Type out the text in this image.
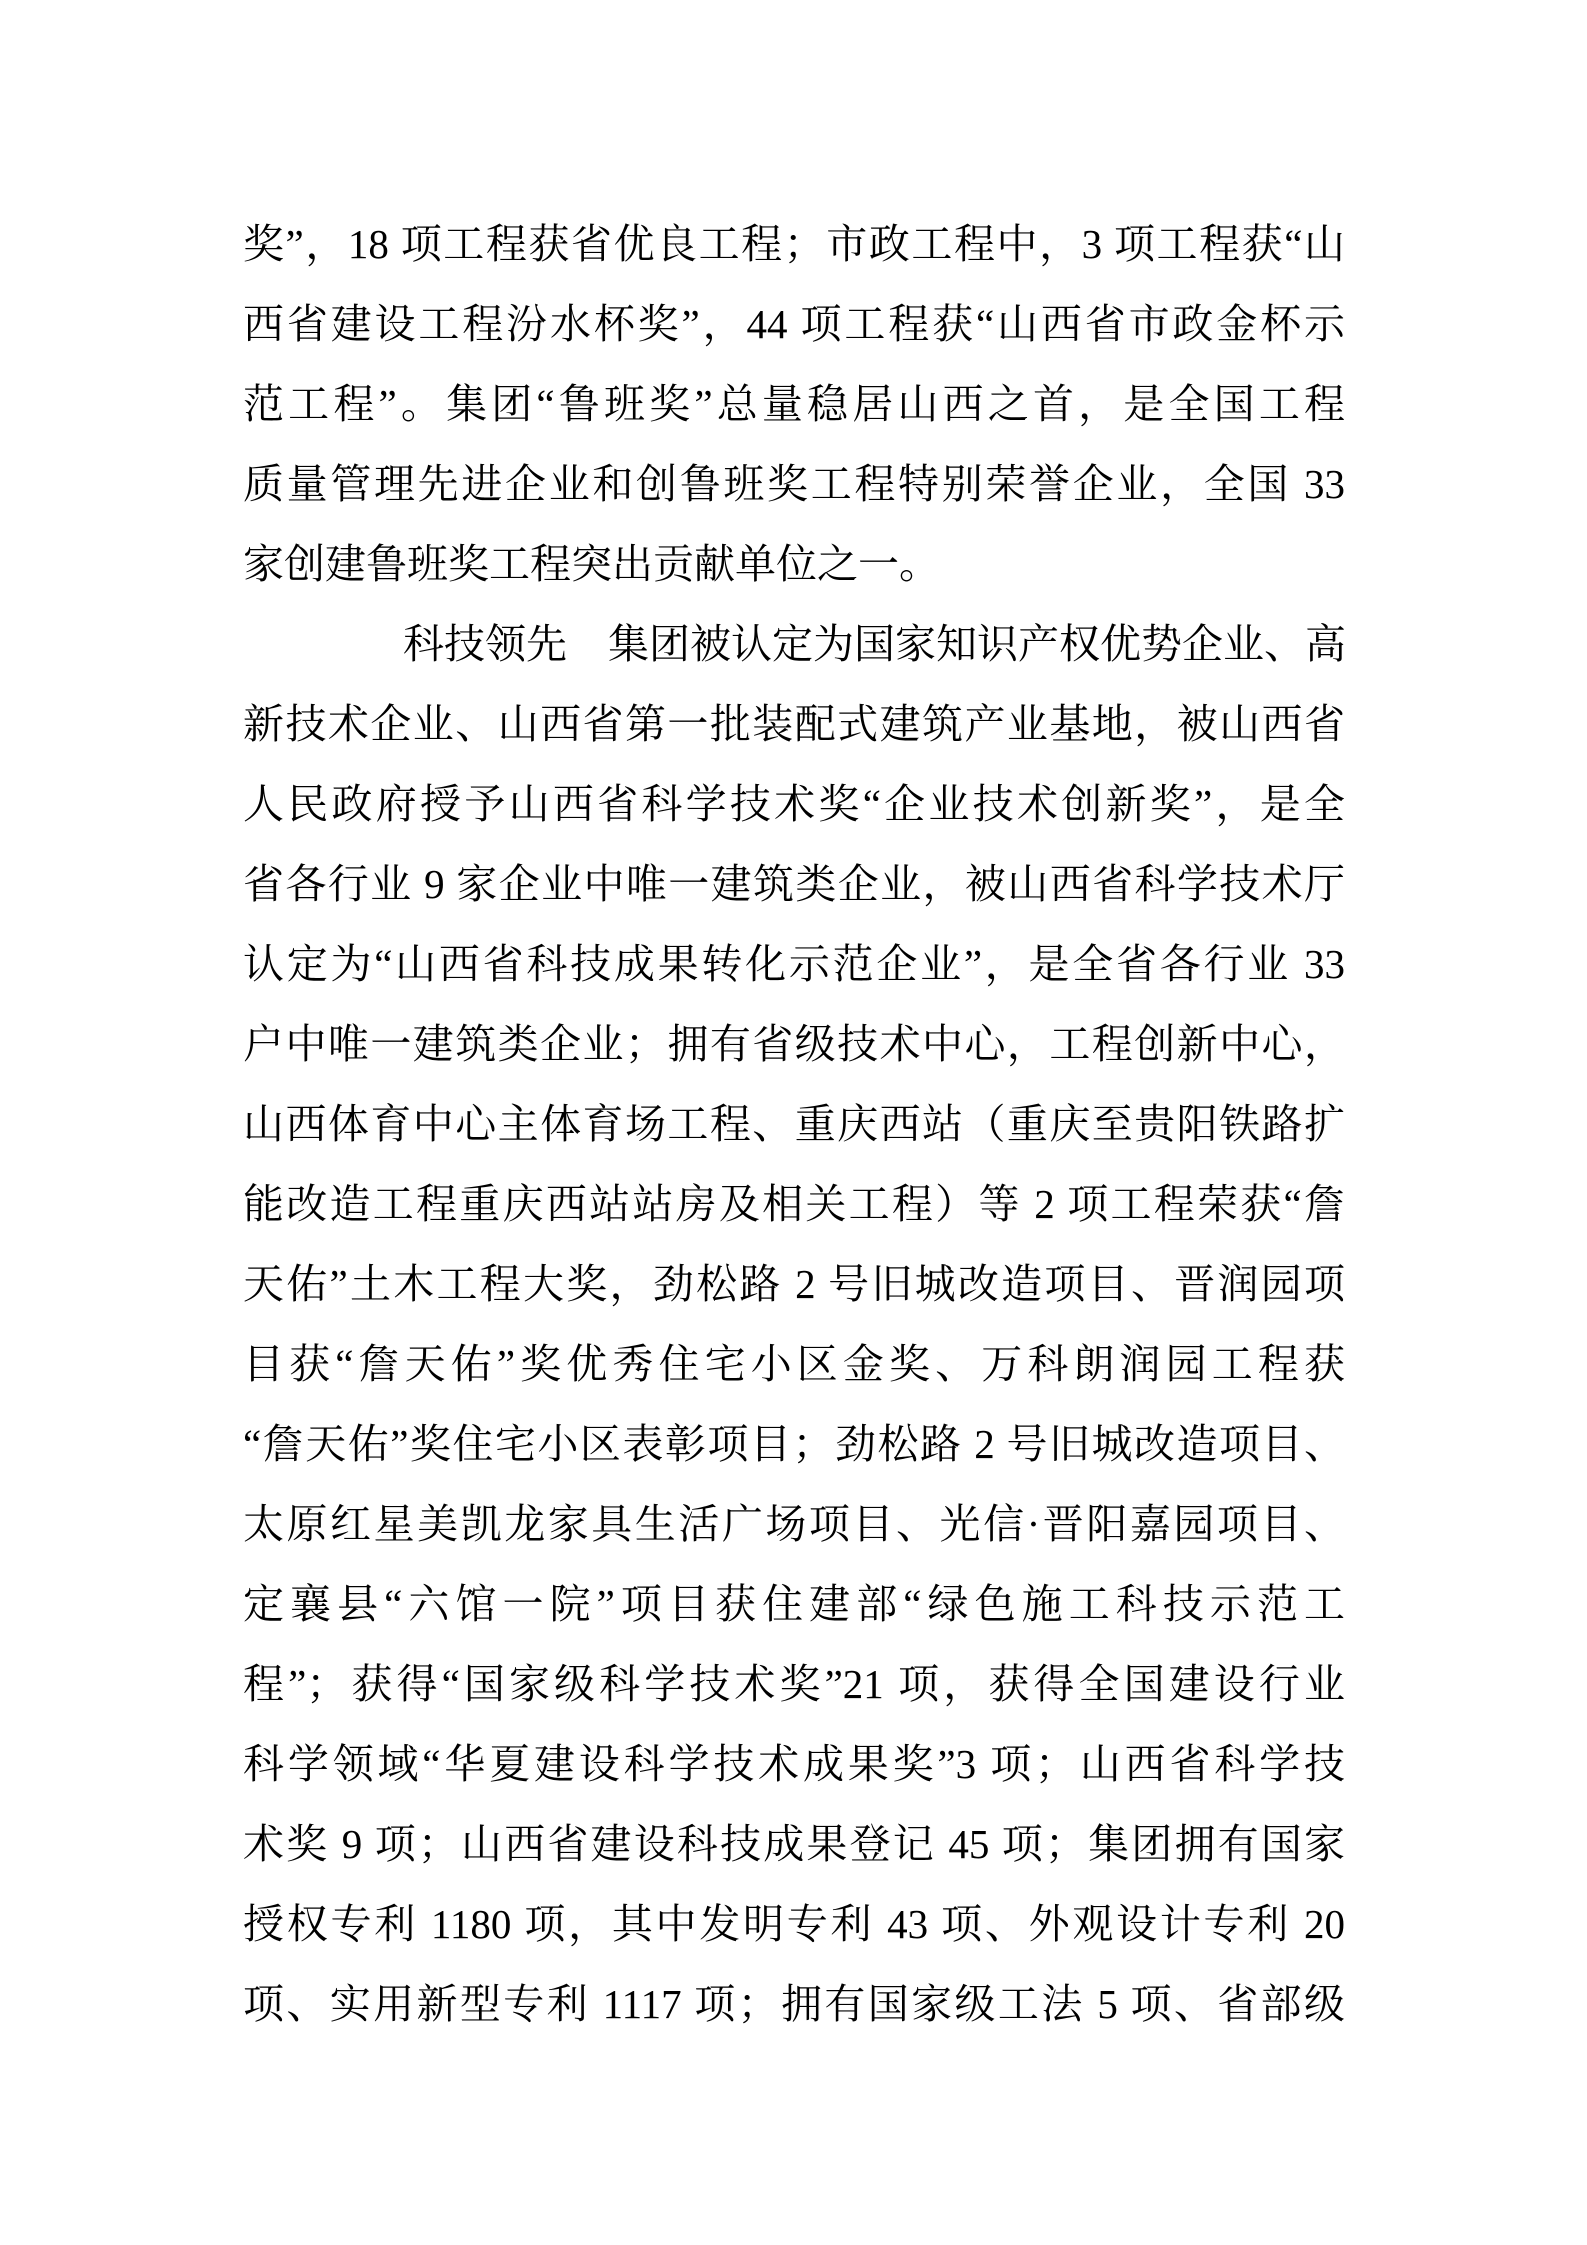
奖”，18 项工程获省优良工程；市政工程中，3 项工程获“山
西省建设工程汾水杯奖”，44 项工程获“山西省市政金杯示
范工程”。集团“鲁班奖”总量稳居山西之首，是全国工程
质量管理先进企业和创鲁班奖工程特别荣誉企业，全国 33
家创建鲁班奖工程突出贡献单位之一。
科技领先　集团被认定为国家知识产权优势企业、高
新技术企业、山西省第一批装配式建筑产业基地，被山西省
人民政府授予山西省科学技术奖“企业技术创新奖”，是全
省各行业 9 家企业中唯一建筑类企业，被山西省科学技术厅
认定为“山西省科技成果转化示范企业”，是全省各行业 33
户中唯一建筑类企业；拥有省级技术中心，工程创新中心，
山西体育中心主体育场工程、重庆西站（重庆至贵阳铁路扩
能改造工程重庆西站站房及相关工程）等 2 项工程荣获“詹
天佑”土木工程大奖，劲松路 2 号旧城改造项目、晋润园项
目获“詹天佑”奖优秀住宅小区金奖、万科朗润园工程获
“詹天佑”奖住宅小区表彰项目；劲松路 2 号旧城改造项目、
太原红星美凯龙家具生活广场项目、光信·晋阳嘉园项目、
定襄县“六馆一院”项目获住建部“绿色施工科技示范工
程”；获得“国家级科学技术奖”21 项，获得全国建设行业
科学领域“华夏建设科学技术成果奖”3 项；山西省科学技
术奖 9 项；山西省建设科技成果登记 45 项；集团拥有国家
授权专利 1180 项，其中发明专利 43 项、外观设计专利 20
项、实用新型专利 1117 项；拥有国家级工法 5 项、省部级
